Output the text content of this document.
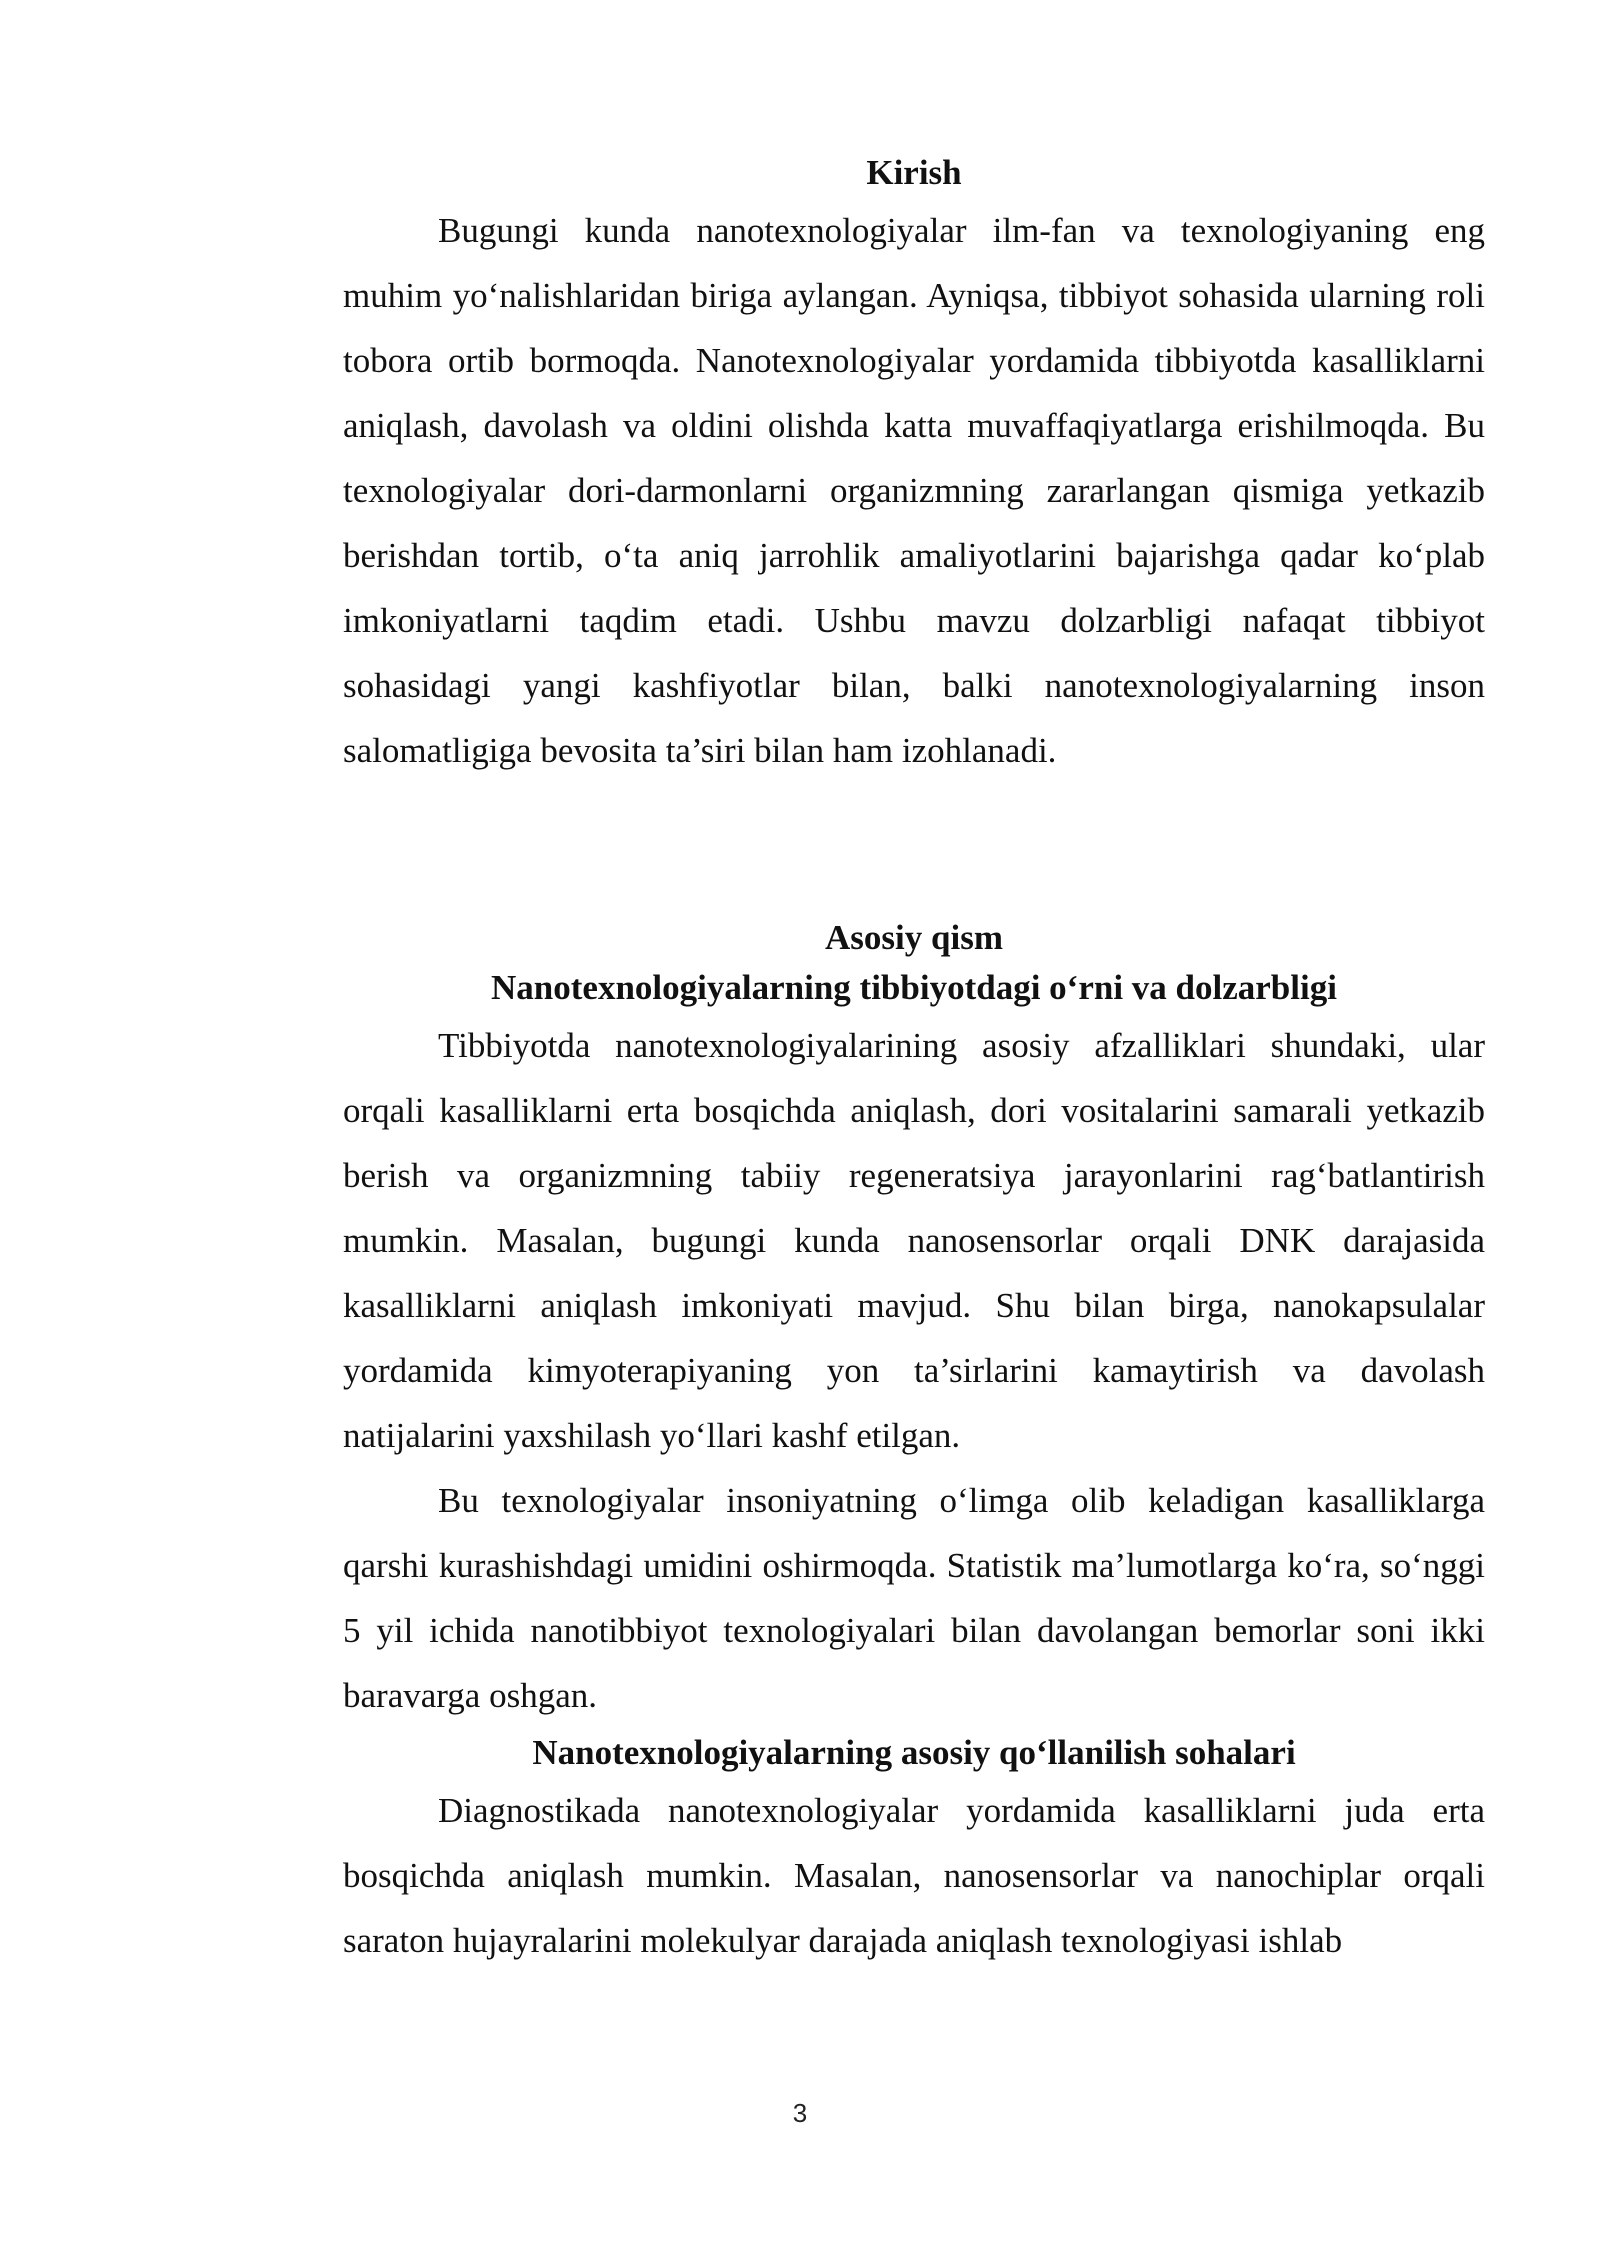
Kirish

Bugungi kunda nanotexnologiyalar ilm-fan va texnologiyaning eng muhim yo‘nalishlaridan biriga aylangan. Ayniqsa, tibbiyot sohasida ularning roli tobora ortib bormoqda. Nanotexnologiyalar yordamida tibbiyotda kasalliklarni aniqlash, davolash va oldini olishda katta muvaffaqiyatlarga erishilmoqda. Bu texnologiyalar dori-darmonlarni organizmning zararlangan qismiga yetkazib berishdan tortib, o‘ta aniq jarrohlik amaliyotlarini bajarishga qadar ko‘plab imkoniyatlarni taqdim etadi. Ushbu mavzu dolzarbligi nafaqat tibbiyot sohasidagi yangi kashfiyotlar bilan, balki nanotexnologiyalarning inson salomatligiga bevosita ta’siri bilan ham izohlanadi.

Asosiy qism
Nanotexnologiyalarning tibbiyotdagi o‘rni va dolzarbligi

Tibbiyotda nanotexnologiyalarining asosiy afzalliklari shundaki, ular orqali kasalliklarni erta bosqichda aniqlash, dori vositalarini samarali yetkazib berish va organizmning tabiiy regeneratsiya jarayonlarini rag‘batlantirish mumkin. Masalan, bugungi kunda nanosensorlar orqali DNK darajasida kasalliklarni aniqlash imkoniyati mavjud. Shu bilan birga, nanokapsulalar yordamida kimyoterapiyaning yon ta’sirlarini kamaytirish va davolash natijalarini yaxshilash yo‘llari kashf etilgan.

Bu texnologiyalar insoniyatning o‘limga olib keladigan kasalliklarga qarshi kurashishdagi umidini oshirmoqda. Statistik ma’lumotlarga ko‘ra, so‘nggi 5 yil ichida nanotibbiyot texnologiyalari bilan davolangan bemorlar soni ikki baravarga oshgan.

Nanotexnologiyalarning asosiy qo‘llanilish sohalari

Diagnostikada nanotexnologiyalar yordamida kasalliklarni juda erta bosqichda aniqlash mumkin. Masalan, nanosensorlar va nanochiplar orqali saraton hujayralarini molekulyar darajada aniqlash texnologiyasi ishlab

3
